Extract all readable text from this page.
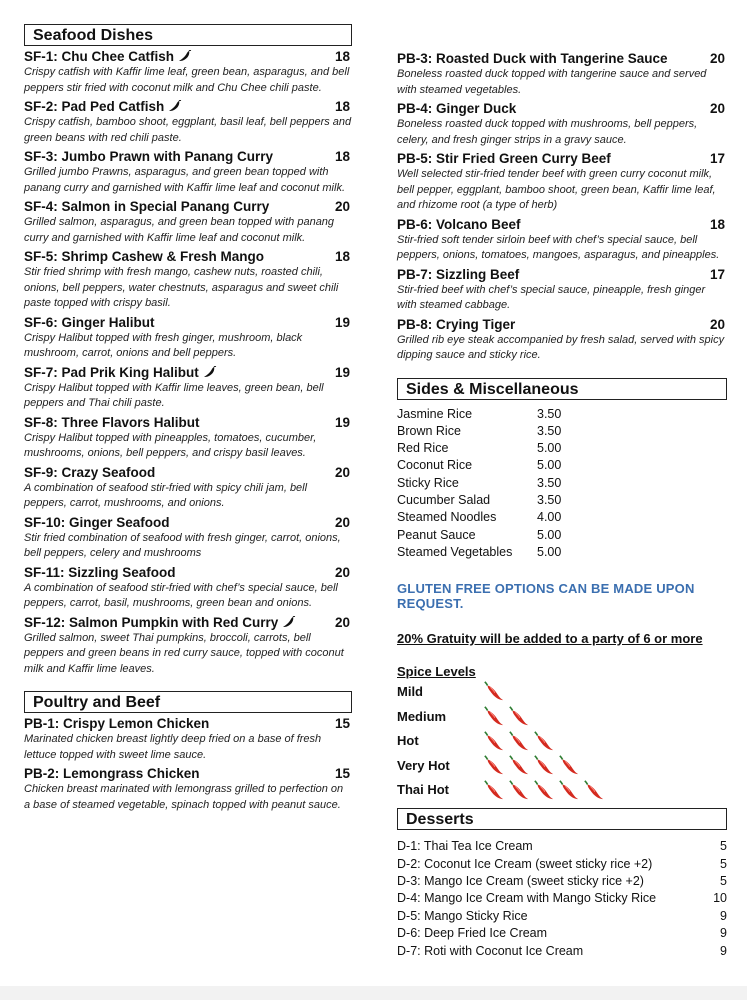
Seafood Dishes
SF-1: Chu Chee Catfish	18
Crispy catfish with Kaffir lime leaf, green bean, asparagus, and bell peppers stir fried with coconut milk and Chu Chee chili paste.
SF-2: Pad Ped Catfish	18
Crispy catfish, bamboo shoot, eggplant, basil leaf, bell peppers and green beans with red chili paste.
SF-3: Jumbo Prawn with Panang Curry	18
Grilled jumbo Prawns, asparagus, and green bean topped with panang curry and garnished with Kaffir lime leaf and coconut milk.
SF-4: Salmon in Special Panang Curry	20
Grilled salmon, asparagus, and green bean topped with panang curry and garnished with Kaffir lime leaf and coconut milk.
SF-5: Shrimp Cashew & Fresh Mango	18
Stir fried shrimp with fresh mango, cashew nuts, roasted chili, onions, bell peppers, water chestnuts, asparagus and sweet chili paste topped with crispy basil.
SF-6: Ginger Halibut	19
Crispy Halibut topped with fresh ginger, mushroom, black mushroom, carrot, onions and bell peppers.
SF-7: Pad Prik King Halibut	19
Crispy Halibut topped with Kaffir lime leaves, green bean, bell peppers and Thai chili paste.
SF-8: Three Flavors Halibut	19
Crispy Halibut topped with pineapples, tomatoes, cucumber, mushrooms, onions, bell peppers, and crispy basil leaves.
SF-9: Crazy Seafood	20
A combination of seafood stir-fried with spicy chili jam, bell peppers, carrot, mushrooms, and onions.
SF-10: Ginger Seafood	20
Stir fried combination of seafood with fresh ginger, carrot, onions, bell peppers, celery and mushrooms
SF-11: Sizzling Seafood	20
A combination of seafood stir-fried with chef’s special sauce, bell peppers, carrot, basil, mushrooms, green bean and onions.
SF-12: Salmon Pumpkin with Red Curry	20
Grilled salmon, sweet Thai pumpkins, broccoli, carrots, bell peppers and green beans in red curry sauce, topped with coconut milk and Kaffir lime leaves.
Poultry and Beef
PB-1: Crispy Lemon Chicken	15
Marinated chicken breast lightly deep fried on a base of fresh lettuce topped with sweet lime sauce.
PB-2: Lemongrass Chicken	15
Chicken breast marinated with lemongrass grilled to perfection on a base of steamed vegetable, spinach topped with peanut sauce.
PB-3: Roasted Duck with Tangerine Sauce	20
Boneless roasted duck topped with tangerine sauce and served with steamed vegetables.
PB-4: Ginger Duck	20
Boneless roasted duck topped with mushrooms, bell peppers, celery, and fresh ginger strips in a gravy sauce.
PB-5: Stir Fried Green Curry Beef	17
Well selected stir-fried tender beef with green curry coconut milk, bell pepper, eggplant, bamboo shoot, green bean, Kaffir lime leaf, and rhizome root (a type of herb)
PB-6: Volcano Beef	18
Stir-fried soft tender sirloin beef with chef’s special sauce, bell peppers, onions, tomatoes, mangoes, asparagus, and pineapples.
PB-7: Sizzling Beef	17
Stir-fried beef with chef’s special sauce, pineapple, fresh ginger with steamed cabbage.
PB-8: Crying Tiger	20
Grilled rib eye steak accompanied by fresh salad, served with spicy dipping sauce and sticky rice.
Sides & Miscellaneous
Jasmine Rice	3.50
Brown Rice	3.50
Red Rice	5.00
Coconut Rice	5.00
Sticky Rice	3.50
Cucumber Salad	3.50
Steamed Noodles	4.00
Peanut Sauce	5.00
Steamed Vegetables	5.00
GLUTEN FREE OPTIONS CAN BE MADE UPON REQUEST.
20% Gratuity will be added to a party of 6 or more
Spice Levels
Mild
Medium
Hot
Very Hot
Thai Hot
Desserts
D-1: Thai Tea Ice Cream	5
D-2: Coconut Ice Cream (sweet sticky rice +2)	5
D-3: Mango Ice Cream (sweet sticky rice +2)	5
D-4: Mango Ice Cream with Mango Sticky Rice	10
D-5: Mango Sticky Rice	9
D-6: Deep Fried Ice Cream	9
D-7: Roti with Coconut Ice Cream	9
